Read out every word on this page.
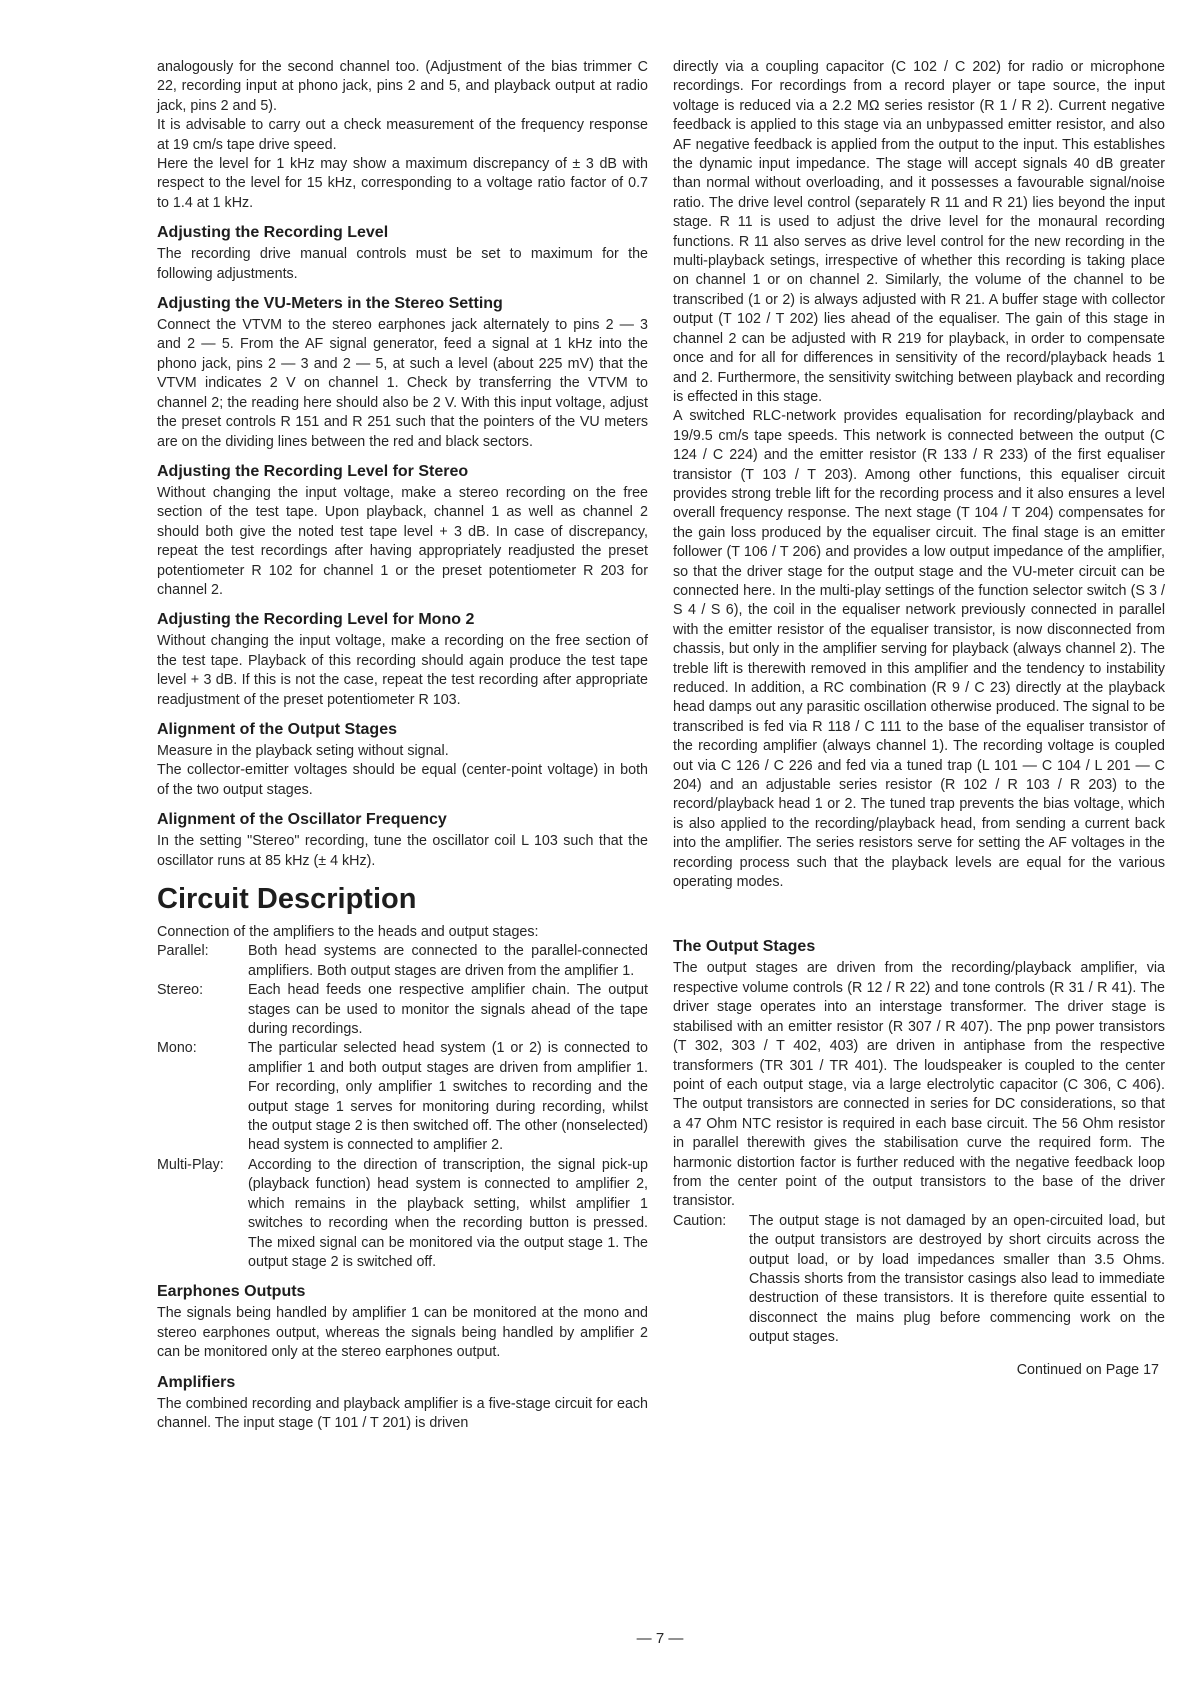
analogously for the second channel too. (Adjustment of the bias trimmer C 22, recording input at phono jack, pins 2 and 5, and playback output at radio jack, pins 2 and 5).

It is advisable to carry out a check measurement of the frequency response at 19 cm/s tape drive speed.

Here the level for 1 kHz may show a maximum discrepancy of ± 3 dB with respect to the level for 15 kHz, corresponding to a voltage ratio factor of 0.7 to 1.4 at 1 kHz.

Adjusting the Recording Level

The recording drive manual controls must be set to maximum for the following adjustments.

Adjusting the VU-Meters in the Stereo Setting

Connect the VTVM to the stereo earphones jack alternately to pins 2 — 3 and 2 — 5. From the AF signal generator, feed a signal at 1 kHz into the phono jack, pins 2 — 3 and 2 — 5, at such a level (about 225 mV) that the VTVM indicates 2 V on channel 1. Check by transferring the VTVM to channel 2; the reading here should also be 2 V. With this input voltage, adjust the preset controls R 151 and R 251 such that the pointers of the VU meters are on the dividing lines between the red and black sectors.

Adjusting the Recording Level for Stereo

Without changing the input voltage, make a stereo recording on the free section of the test tape. Upon playback, channel 1 as well as channel 2 should both give the noted test tape level + 3 dB. In case of discrepancy, repeat the test recordings after having appropriately readjusted the preset potentiometer R 102 for channel 1 or the preset potentiometer R 203 for channel 2.

Adjusting the Recording Level for Mono 2

Without changing the input voltage, make a recording on the free section of the test tape. Playback of this recording should again produce the test tape level + 3 dB. If this is not the case, repeat the test recording after appropriate readjustment of the preset potentiometer R 103.

Alignment of the Output Stages

Measure in the playback seting without signal.

The collector-emitter voltages should be equal (center-point voltage) in both of the two output stages.

Alignment of the Oscillator Frequency

In the setting "Stereo" recording, tune the oscillator coil L 103 such that the oscillator runs at 85 kHz (± 4 kHz).

Circuit Description

Connection of the amplifiers to the heads and output stages:

Parallel:	Both head systems are connected to the parallel-connected amplifiers. Both output stages are driven from the amplifier 1.
Stereo:	Each head feeds one respective amplifier chain. The output stages can be used to monitor the signals ahead of the tape during recordings.
Mono:	The particular selected head system (1 or 2) is connected to amplifier 1 and both output stages are driven from amplifier 1. For recording, only amplifier 1 switches to recording and the output stage 1 serves for monitoring during recording, whilst the output stage 2 is then switched off. The other (nonselected) head system is connected to amplifier 2.
Multi-Play:	According to the direction of transcription, the signal pick-up (playback function) head system is connected to amplifier 2, which remains in the playback setting, whilst amplifier 1 switches to recording when the recording button is pressed. The mixed signal can be monitored via the output stage 1. The output stage 2 is switched off.
Earphones Outputs

The signals being handled by amplifier 1 can be monitored at the mono and stereo earphones output, whereas the signals being handled by amplifier 2 can be monitored only at the stereo earphones output.

Amplifiers

The combined recording and playback amplifier is a five-stage circuit for each channel. The input stage (T 101 / T 201) is driven

directly via a coupling capacitor (C 102 / C 202) for radio or microphone recordings. For recordings from a record player or tape source, the input voltage is reduced via a 2.2 MΩ series resistor (R 1 / R 2). Current negative feedback is applied to this stage via an unbypassed emitter resistor, and also AF negative feedback is applied from the output to the input. This establishes the dynamic input impedance. The stage will accept signals 40 dB greater than normal without overloading, and it possesses a favourable signal/noise ratio. The drive level control (separately R 11 and R 21) lies beyond the input stage. R 11 is used to adjust the drive level for the monaural recording functions. R 11 also serves as drive level control for the new recording in the multi-playback setings, irrespective of whether this recording is taking place on channel 1 or on channel 2. Similarly, the volume of the channel to be transcribed (1 or 2) is always adjusted with R 21. A buffer stage with collector output (T 102 / T 202) lies ahead of the equaliser. The gain of this stage in channel 2 can be adjusted with R 219 for playback, in order to compensate once and for all for differences in sensitivity of the record/playback heads 1 and 2. Furthermore, the sensitivity switching between playback and recording is effected in this stage.

A switched RLC-network provides equalisation for recording/playback and 19/9.5 cm/s tape speeds. This network is connected between the output (C 124 / C 224) and the emitter resistor (R 133 / R 233) of the first equaliser transistor (T 103 / T 203). Among other functions, this equaliser circuit provides strong treble lift for the recording process and it also ensures a level overall frequency response. The next stage (T 104 / T 204) compensates for the gain loss produced by the equaliser circuit. The final stage is an emitter follower (T 106 / T 206) and provides a low output impedance of the amplifier, so that the driver stage for the output stage and the VU-meter circuit can be connected here. In the multi-play settings of the function selector switch (S 3 / S 4 / S 6), the coil in the equaliser network previously connected in parallel with the emitter resistor of the equaliser transistor, is now disconnected from chassis, but only in the amplifier serving for playback (always channel 2). The treble lift is therewith removed in this amplifier and the tendency to instability reduced. In addition, a RC combination (R 9 / C 23) directly at the playback head damps out any parasitic oscillation otherwise produced. The signal to be transcribed is fed via R 118 / C 111 to the base of the equaliser transistor of the recording amplifier (always channel 1). The recording voltage is coupled out via C 126 / C 226 and fed via a tuned trap (L 101 — C 104 / L 201 — C 204) and an adjustable series resistor (R 102 / R 103 / R 203) to the record/playback head 1 or 2. The tuned trap prevents the bias voltage, which is also applied to the recording/playback head, from sending a current back into the amplifier. The series resistors serve for setting the AF voltages in the recording process such that the playback levels are equal for the various operating modes.

The Output Stages

The output stages are driven from the recording/playback amplifier, via respective volume controls (R 12 / R 22) and tone controls (R 31 / R 41). The driver stage operates into an interstage transformer. The driver stage is stabilised with an emitter resistor (R 307 / R 407). The pnp power transistors (T 302, 303 / T 402, 403) are driven in antiphase from the respective transformers (TR 301 / TR 401). The loudspeaker is coupled to the center point of each output stage, via a large electrolytic capacitor (C 306, C 406). The output transistors are connected in series for DC considerations, so that a 47 Ohm NTC resistor is required in each base circuit. The 56 Ohm resistor in parallel therewith gives the stabilisation curve the required form. The harmonic distortion factor is further reduced with the negative feedback loop from the center point of the output transistors to the base of the driver transistor.

Caution:	The output stage is not damaged by an open-circuited load, but the output transistors are destroyed by short circuits across the output load, or by load impedances smaller than 3.5 Ohms. Chassis shorts from the transistor casings also lead to immediate destruction of these transistors. It is therefore quite essential to disconnect the mains plug before commencing work on the output stages.

Continued on Page 17

— 7 —
